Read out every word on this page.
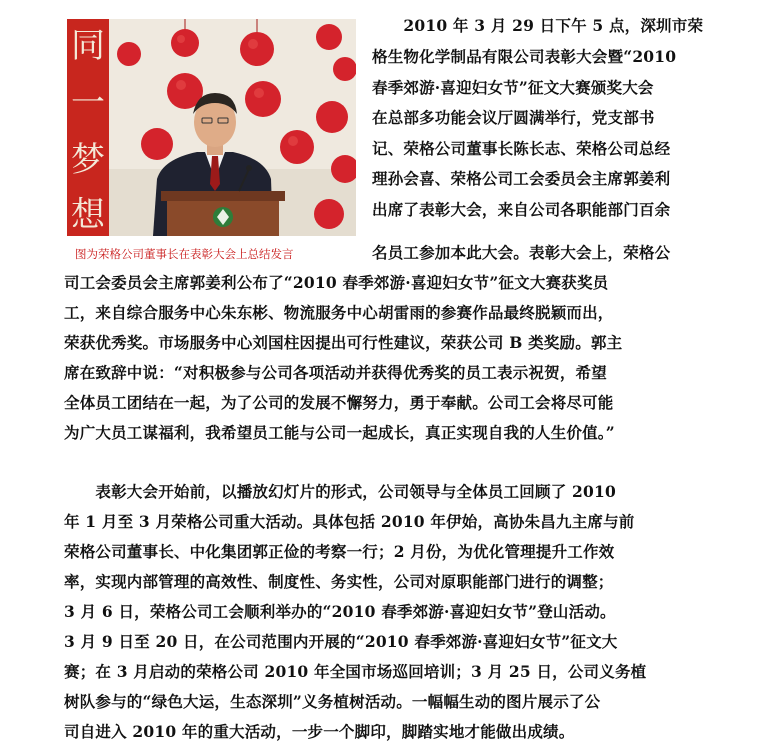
同
一
梦
想
图为荣格公司董事长在表彰大会上总结发言
　　2010 年 3 月 29 日下午 5 点，深圳市荣
格生物化学制品有限公司表彰大会暨“2010
春季郊游·喜迎妇女节”征文大赛颁奖大会
在总部多功能会议厅圆满举行，党支部书
记、荣格公司董事长陈长志、荣格公司总经
理孙会喜、荣格公司工会委员会主席郭姜利
出席了表彰大会，来自公司各职能部门百余
名员工参加本此大会。表彰大会上，荣格公
司工会委员会主席郭姜利公布了“2010 春季郊游·喜迎妇女节”征文大赛获奖员
工，来自综合服务中心朱东彬、物流服务中心胡雷雨的参赛作品最终脱颖而出，
荣获优秀奖。市场服务中心刘国柱因提出可行性建议，荣获公司 B 类奖励。郭主
席在致辞中说：“对积极参与公司各项活动并获得优秀奖的员工表示祝贺，希望
全体员工团结在一起，为了公司的发展不懈努力，勇于奉献。公司工会将尽可能
为广大员工谋福利，我希望员工能与公司一起成长，真正实现自我的人生价值。”
　　表彰大会开始前，以播放幻灯片的形式，公司领导与全体员工回顾了 2010
年 1 月至 3 月荣格公司重大活动。具体包括 2010 年伊始，高协朱昌九主席与前
荣格公司董事长、中化集团郭正俭的考察一行；2 月份，为优化管理提升工作效
率，实现内部管理的高效性、制度性、务实性，公司对原职能部门进行的调整；
3 月 6 日，荣格公司工会顺利举办的“2010 春季郊游·喜迎妇女节”登山活动。
3 月 9 日至 20 日，在公司范围内开展的“2010 春季郊游·喜迎妇女节”征文大
赛；在 3 月启动的荣格公司 2010 年全国市场巡回培训；3 月 25 日，公司义务植
树队参与的“绿色大运，生态深圳”义务植树活动。一幅幅生动的图片展示了公
司自进入 2010 年的重大活动，一步一个脚印，脚踏实地才能做出成绩。
